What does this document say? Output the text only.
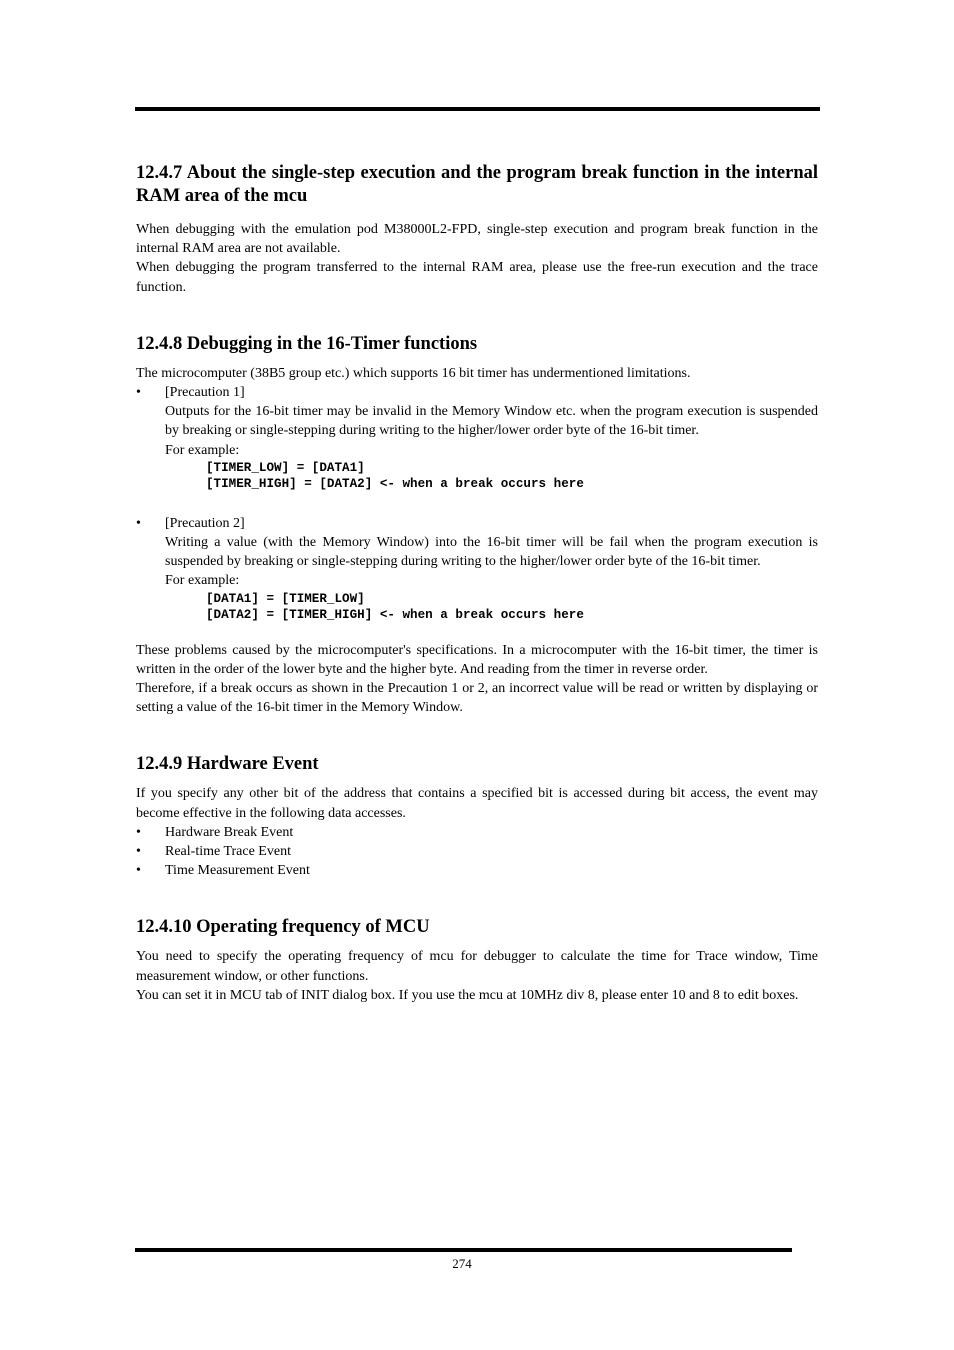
12.4.7 About the single-step execution and the program break function in the internal RAM area of the mcu

When debugging with the emulation pod M38000L2-FPD, single-step execution and program break function in the internal RAM area are not available.

When debugging the program transferred to the internal RAM area, please use the free-run execution and the trace function.

12.4.8 Debugging in the 16-Timer functions

The microcomputer (38B5 group etc.) which supports 16 bit timer has undermentioned limitations.

•	[Precaution 1]
Outputs for the 16-bit timer may be invalid in the Memory Window etc. when the program execution is suspended by breaking or single-stepping during writing to the higher/lower order byte of the 16-bit timer.
For example:
[TIMER_LOW] = [DATA1]
[TIMER_HIGH] = [DATA2] <- when a break occurs here
•	[Precaution 2]
Writing a value (with the Memory Window) into the 16-bit timer will be fail when the program execution is suspended by breaking or single-stepping during writing to the higher/lower order byte of the 16-bit timer.
For example:
[DATA1] = [TIMER_LOW]
[DATA2] = [TIMER_HIGH] <- when a break occurs here

These problems caused by the microcomputer's specifications. In a microcomputer with the 16-bit timer, the timer is written in the order of the lower byte and the higher byte. And reading from the timer in reverse order.

Therefore, if a break occurs as shown in the Precaution 1 or 2, an incorrect value will be read or written by displaying or setting a value of the 16-bit timer in the Memory Window.

12.4.9 Hardware Event

If you specify any other bit of the address that contains a specified bit is accessed during bit access, the event may become effective in the following data accesses.

•	Hardware Break Event
•	Real-time Trace Event
•	Time Measurement Event
12.4.10 Operating frequency of MCU

You need to specify the operating frequency of mcu for debugger to calculate the time for Trace window, Time measurement window, or other functions.

You can set it in MCU tab of INIT dialog box. If you use the mcu at 10MHz div 8, please enter 10 and 8 to edit boxes.

274
